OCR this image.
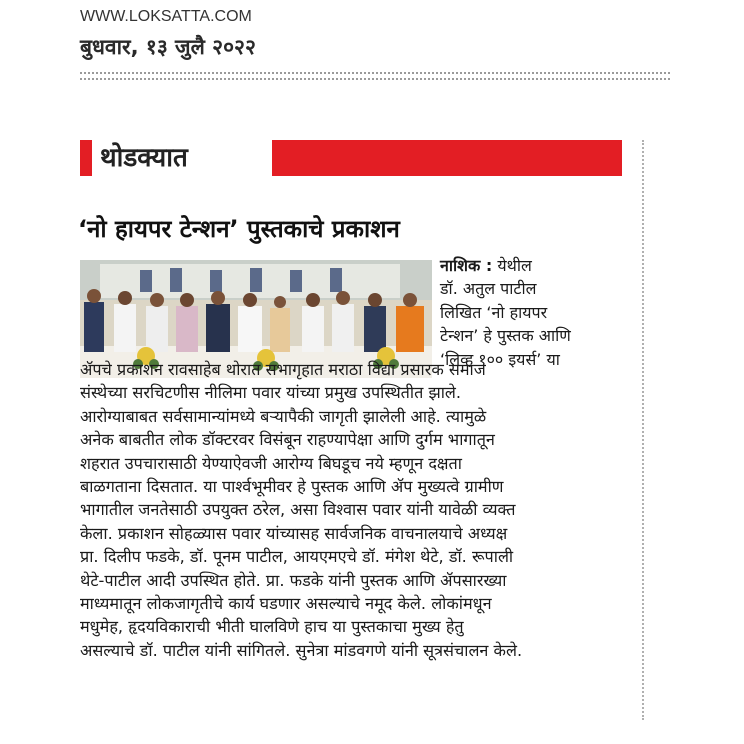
WWW.LOKSATTA.COM
बुधवार, १३ जुलै २०२२
थोडक्यात
‘नो हायपर टेन्शन’ पुस्तकाचे प्रकाशन
नाशिक : येथील
डॉ. अतुल पाटील
लिखित ‘नो हायपर
टेन्शन’ हे पुस्तक आणि
‘लिव्ह १०० इयर्स’ या
ॲपचे प्रकाशन रावसाहेब थोरात सभागृहात मराठा विद्या प्रसारक समाज
संस्थेच्या सरचिटणीस नीलिमा पवार यांच्या प्रमुख उपस्थितीत झाले.
आरोग्याबाबत सर्वसामान्यांमध्ये बऱ्यापैकी जागृती झालेली आहे. त्यामुळे
अनेक बाबतीत लोक डॉक्टरवर विसंबून राहण्यापेक्षा आणि दुर्गम भागातून
शहरात उपचारासाठी येण्याऐवजी आरोग्य बिघडूच नये म्हणून दक्षता
बाळगताना दिसतात. या पार्श्वभूमीवर हे पुस्तक आणि ॲप मुख्यत्वे ग्रामीण
भागातील जनतेसाठी उपयुक्त ठरेल, असा विश्वास पवार यांनी यावेळी व्यक्त
केला. प्रकाशन सोहळ्यास पवार यांच्यासह सार्वजनिक वाचनालयाचे अध्यक्ष
प्रा. दिलीप फडके, डॉ. पूनम पाटील, आयएमएचे डॉ. मंगेश थेटे, डॉ. रूपाली
थेटे-पाटील आदी उपस्थित होते. प्रा. फडके यांनी पुस्तक आणि ॲपसारख्या
माध्यमातून लोकजागृतीचे कार्य घडणार असल्याचे नमूद केले. लोकांमधून
मधुमेह, हृदयविकाराची भीती घालविणे हाच या पुस्तकाचा मुख्य हेतु
असल्याचे डॉ. पाटील यांनी सांगितले. सुनेत्रा मांडवगणे यांनी सूत्रसंचालन केले.
